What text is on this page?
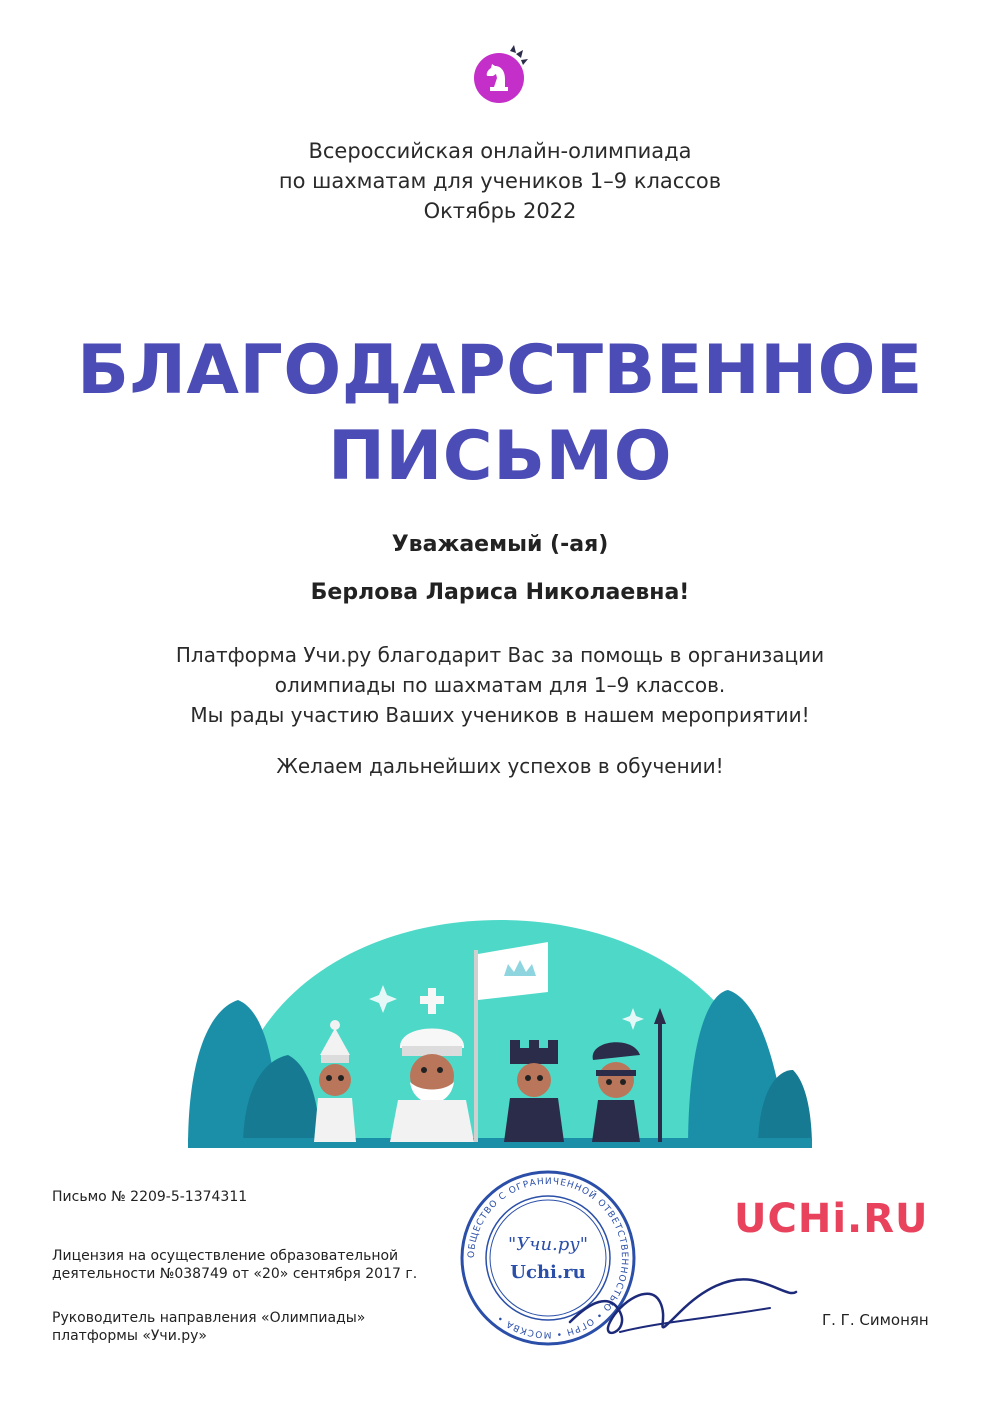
Всероссийская онлайн-олимпиада
по шахматам для учеников 1–9 классов
Октябрь 2022
БЛАГОДАРСТВЕННОЕ
ПИСЬМО
Уважаемый (-ая)
Берлова Лариса Николаевна!
Платформа Учи.ру благодарит Вас за помощь в организации
олимпиады по шахматам для 1–9 классов.
Мы рады участию Ваших учеников в нашем мероприятии!
Желаем дальнейших успехов в обучении!
Письмо № 2209-5-1374311
Лицензия на осуществление образовательной
деятельности №038749 от «20» сентября 2017 г.
Руководитель направления «Олимпиады»
платформы «Учи.ру»
ОБЩЕСТВО С ОГРАНИЧЕННОЙ ОТВЕТСТВЕННОСТЬЮ • ОГРН • МОСКВА •
"Учи.ру"
Uchi.ru
UCHi.RU
Г. Г. Симонян
